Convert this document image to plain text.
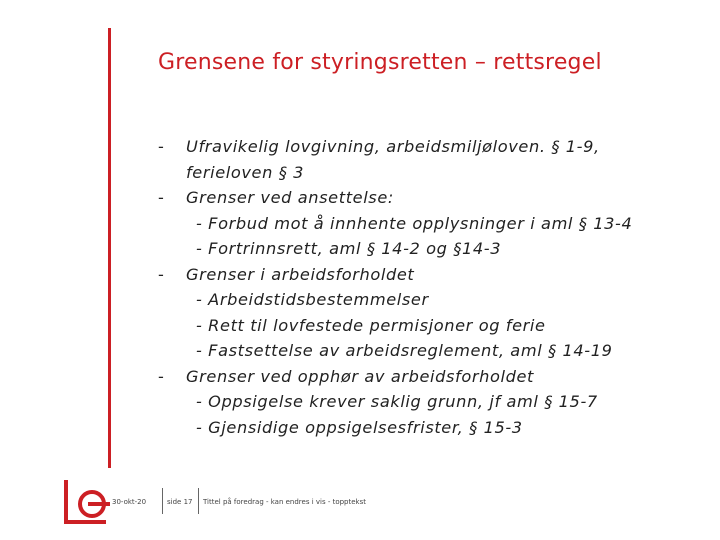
Grensene for styringsretten – rettsregel
- Ufravikelig lovgivning, arbeidsmiljøloven. § 1-9,
ferieloven § 3
- Grenser ved ansettelse:
- Forbud mot å innhente opplysninger i aml § 13-4
- Fortrinnsrett, aml § 14-2 og §14-3
- Grenser i arbeidsforholdet
- Arbeidstidsbestemmelser
- Rett til lovfestede permisjoner og ferie
- Fastsettelse av arbeidsreglement, aml § 14-19
- Grenser ved opphør av arbeidsforholdet
- Oppsigelse krever saklig grunn, jf aml § 15-7
- Gjensidige oppsigelsesfrister, § 15-3
30-okt-20	side 17 Tittel på foredrag - kan endres i vis - topptekst
